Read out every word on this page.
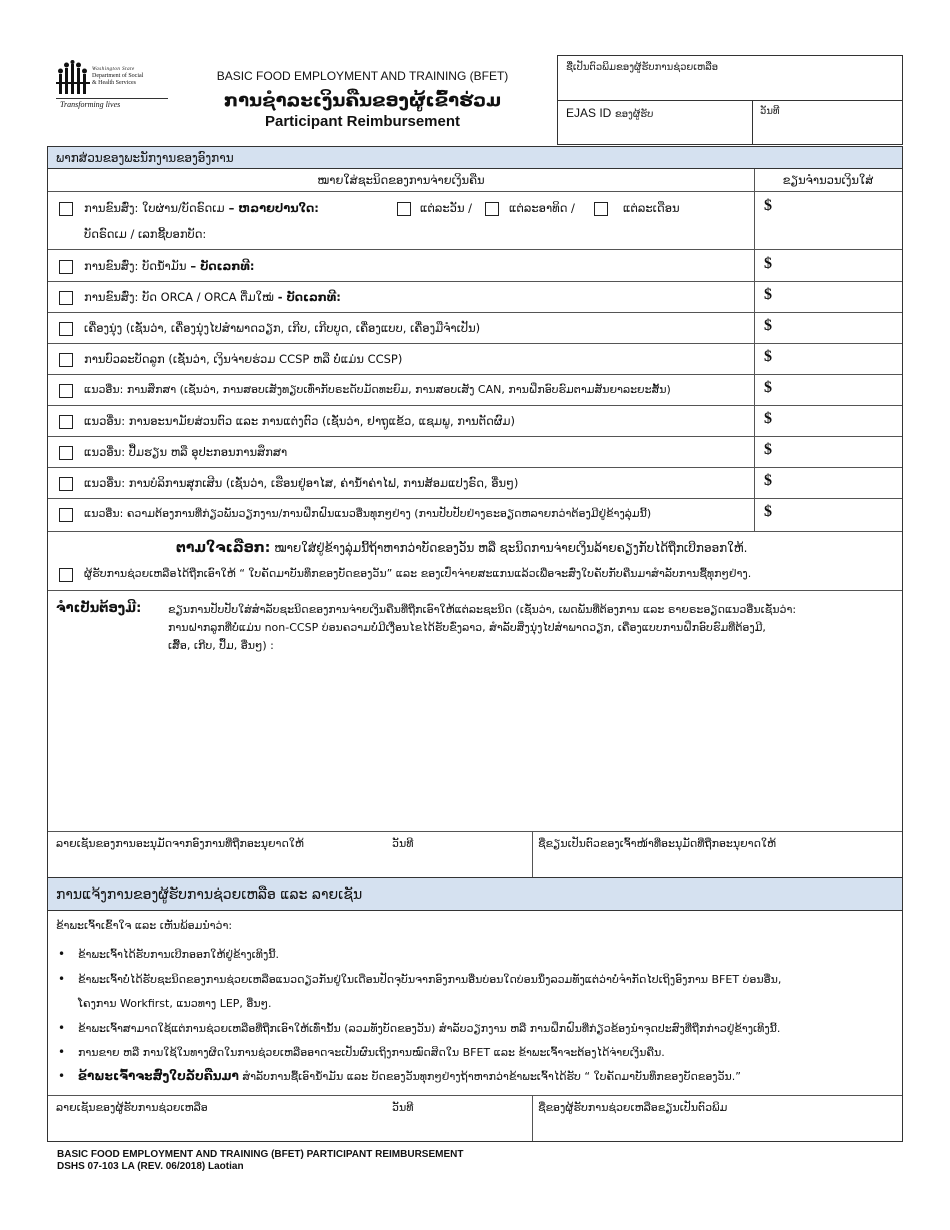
Washington State
Department of Social
& Health Services
Transforming lives
BASIC FOOD EMPLOYMENT AND TRAINING (BFET)
ການຊຳລະເງິນຄືນຂອງຜູ້ເຂົ້າຮ່ວມ
Participant Reimbursement
ຊື່ເປັນຕົວພິມຂອງຜູ້ຮັບການຊ່ວຍເຫລືອ
EJAS ID ຂອງຜູ້ຮັບ	ວັນທີ
ພາກສ່ວນຂອງພະນັກງານຂອງອົງການ
ໝາຍໃສ່ຊະນິດຂອງການຈ່າຍເງິນຄືນ	ຂຽນຈຳນວນເງິນໃສ່
ການຂົນສົ່ງ: ໃບຜ່ານ/ບັດຣົດເມ – ຫລາຍປານໃດ:	ແຕ່ລະວັນ /	ແຕ່ລະອາທິດ /	ແຕ່ລະເດືອນ
ບັດຣົດເມ / ເລກຊີ້ບອກບັດ:
$
ການຂົນສົ່ງ: ບັດນ້ຳມັນ – ບັດເລກທີ:	$
ການຂົນສົ່ງ: ບັດ ORCA / ORCA ຕື່ມໃໝ່ - ບັດເລກທີ:	$
ເຄື່ອງນຸ່ງ (ເຊັ່ນວ່າ, ເຄື່ອງນຸ່ງໄປສຳພາດວຽກ, ເກີບ, ເກີບບູດ, ເຄື່ອງແບບ, ເຄື່ອງມືຈຳເປັນ)	$
ການບົວລະບັດລູກ (ເຊັ່ນວ່າ, ເງິນຈ່າຍຮ່ວມ CCSP ຫລື ບໍ່ແມ່ນ CCSP)	$
ແນວອື່ນ: ການສຶກສາ (ເຊັ່ນວ່າ, ການສອບເສັງທຽບເທົ່າກັບຣະດັບມັດທະຍົມ, ການສອບເສັງ CAN, ການຝຶກອົບຮົມຕາມສັນຍາລະຍະສັ້ນ)	$
ແນວອື່ນ: ການອະນາມັຍສ່ວນຕົວ ແລະ ການແຕ່ງຕົວ (ເຊັ່ນວ່າ, ຢາຖູແຂ້ວ, ແຊມພູ, ການຕັດຜົມ)	$
ແນວອື່ນ: ປຶ້ມຮຽນ ຫລື ອຸປະກອນການສຶກສາ	$
ແນວອື່ນ: ການບໍລິການສຸກເສີນ (ເຊັ່ນວ່າ, ເຮືອນຢູ່ອາໄສ, ຄ່ານ້ຳຄ່າໄຟ, ການສ້ອມແປງຣົດ, ອື່ນໆ)	$
ແນວອື່ນ: ຄວາມຕ້ອງການທີ່ກ່ຽວພັນວຽກງານ/ການຝຶກຝົນແນວອື່ນທຸກໆຢ່າງ (ການປັບປັບຢ່າງຣະອຽດຫລາຍກວ່າຕ້ອງມີຢູ່ຂ້າງລຸ່ມນີ້)	$
ຕາມໃຈເລືອກ: ໝາຍໃສ່ຢູ່ຂ້າງລຸ່ມນີ້ຖ້າຫາກວ່າບັດຂອງວັນ ຫລື ຊະນິດການຈ່າຍເງິນລ້າຍຄຽງກັບໄດ້ຖືກເບີກອອກໃຫ້.
ຜູ້ຮັບການຊ່ວຍເຫລືອໄດ້ຖືກເອົາໃຫ້ “ ໃບຄັດມາບັນທຶກຂອງບັດຂອງວັນ” ແລະ ຂອງເປົ່າຈ່າຍສະແກນແລ້ວເພື່ອຈະສົ່ງໃບຄັບກັບຄືນມາສຳລັບການຊື້ທຸກໆຢ່າງ.
ຈຳເປັນຕ້ອງມີ: ຂຽນການປັບປັບໃສ່ສຳລັບຊະນິດຂອງການຈ່າຍເງິນຄືນທີ່ຖືກເອົາໃຫ້ແຕ່ລະຊະນິດ (ເຊັ່ນວ່າ, ເພດພັນທີ່ຕ້ອງການ ແລະ ຣາຍຣະອຽດແນວອື່ນເຊັ່ນວ່າ:
ການຝາກລູກທີ່ບໍ່ແມ່ນ non-CCSP ບ່ອນຄວາມບໍ່ມີເງື່ອນໄຂໄດ້ຮັບຂົ່ງລາວ, ສຳລັບສິ່ງນຸ່ງໄປສຳພາດວຽກ, ເຄື່ອງແບບການຝຶກອົບຮົມທີ່ຕ້ອງມີ,
ເສື້ອ, ເກີບ, ປຶ້ມ, ອື່ນໆ) :
ລາຍເຊັນຂອງການອະນຸມັດຈາກອົງການທີ່ຖືກອະນຸຍາດໃຫ້	ວັນທີ	ຊື່ຂຽນເປັນຕົວຂອງເຈົ້າໜ້າທີ່ອະນຸມັດທີ່ຖືກອະນຸຍາດໃຫ້
ການແຈ້ງການຂອງຜູ້ຮັບການຊ່ວຍເຫລືອ ແລະ ລາຍເຊັນ
ຂ້າພະເຈົ້າເຂົ້າໃຈ ແລະ ເຫັນພ້ອມນຳວ່າ:
• ຂ້າພະເຈົ້າໄດ້ຮັບການເບີກອອກໃຫ້ຢູ່ຂ້າງເທິງນີ້.
• ຂ້າພະເຈົ້າບໍ່ໄດ້ຮັບຊະນິດຂອງການຊ່ວຍເຫລືອແນວດຽວກັນຢູ່ໃນເດືອນປັດຈຸບັນຈາກອົງການອື່ນບ່ອນໃດບ່ອນນຶ່ງລວມທັງແຕ່ວ່າບໍ່ຈຳກັດໄປເຖິງອົງການ BFET ບ່ອນອື່ນ,
ໂຄງການ Workfirst, ແນວທາງ LEP, ອື່ນໆ.
• ຂ້າພະເຈົ້າສາມາດໃຊ້ແຕ່ການຊ່ວຍເຫລືອທີ່ຖືກເອົາໃຫ້ເທົ່ານັ້ນ (ລວມທັງບັດຂອງວັນ) ສຳລັບວຽກງານ ຫລື ການຝຶກຝົນທີ່ກ່ຽວຂ້ອງນຳຈຸດປະສົງທີ່ຖືກກ່າວຢູ່ຂ້າງເທິງນີ້.
• ການຂາຍ ຫລື ການໃຊ້ໃນທາງຜິດໃນການຊ່ວຍເຫລືອອາດຈະເປັນຜົນເຖິງການໝົດສິດໃນ BFET ແລະ ຂ້າພະເຈົ້າຈະຕ້ອງໄດ້ຈ່າຍເງິນຄືນ.
• ຂ້າພະເຈົ້າຈະສົ່ງໃບລັບຄືນມາ ສຳລັບການຊື້ເອົານ້ຳມັນ ແລະ ບັດຂອງວັນທຸກໆຢ່າງຖ້າຫາກວ່າຂ້າພະເຈົ້າໄດ້ຮັບ “ ໃບຄັດມາບັນທຶກຂອງບັດຂອງວັນ.”
ລາຍເຊັນຂອງຜູ້ຮັບການຊ່ວຍເຫລືອ	ວັນທີ	ຊື່ຂອງຜູ້ຮັບການຊ່ວຍເຫລືອຂຽນເປັນຕົວພິມ
BASIC FOOD EMPLOYMENT AND TRAINING (BFET) PARTICIPANT REIMBURSEMENT
DSHS 07-103 LA (REV. 06/2018) Laotian
